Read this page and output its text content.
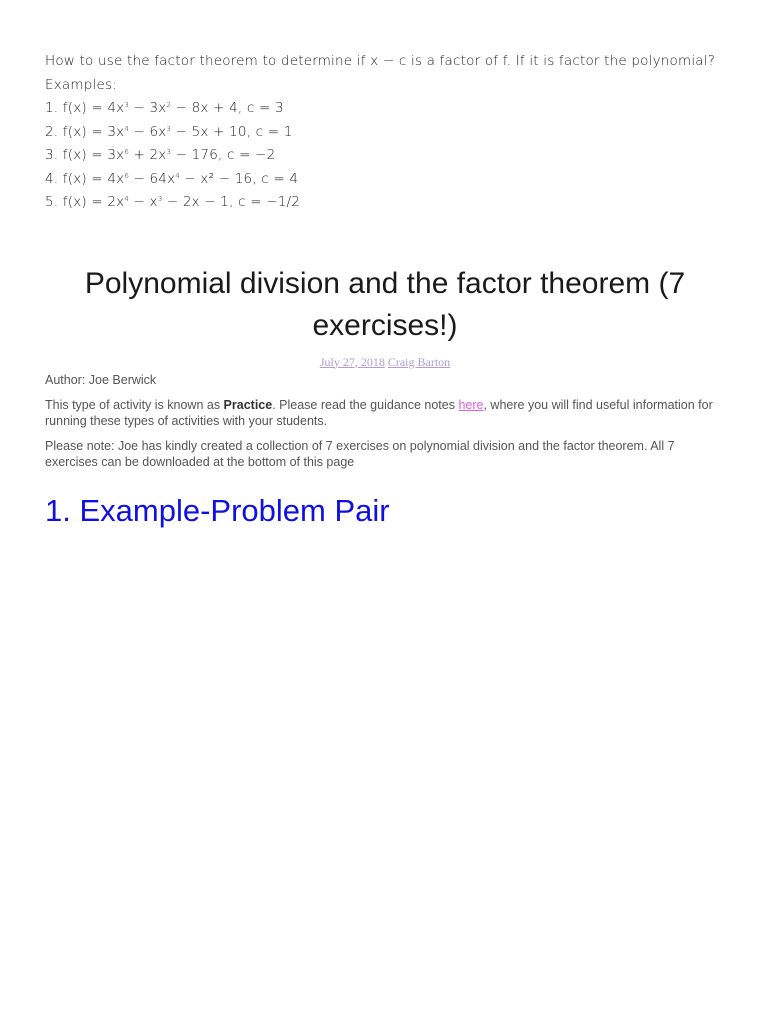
How to use the factor theorem to determine if x − c is a factor of f. If it is factor the polynomial?
Examples:
1. $f(x) = 4x^3 - 3x^2 - 8x + 4$, c = 3
2. $f(x) = 3x^4 - 6x^3 - 5x + 10$, c = 1
3. $f(x) = 3x^6 + 2x^3 - 176$, c = −2
4. $f(x) = 4x^6 - 64x^4 - x^2 - 16$, c = 4
5. $f(x) = 2x^4 - x^3 - 2x - 1$, c = −1/2
Polynomial division and the factor theorem (7 exercises!)
July 27, 2018 Craig Barton
Author: Joe Berwick
This type of activity is known as Practice. Please read the guidance notes here, where you will find useful information for running these types of activities with your students.
Please note: Joe has kindly created a collection of 7 exercises on polynomial division and the factor theorem. All 7 exercises can be downloaded at the bottom of this page
1. Example-Problem Pair
